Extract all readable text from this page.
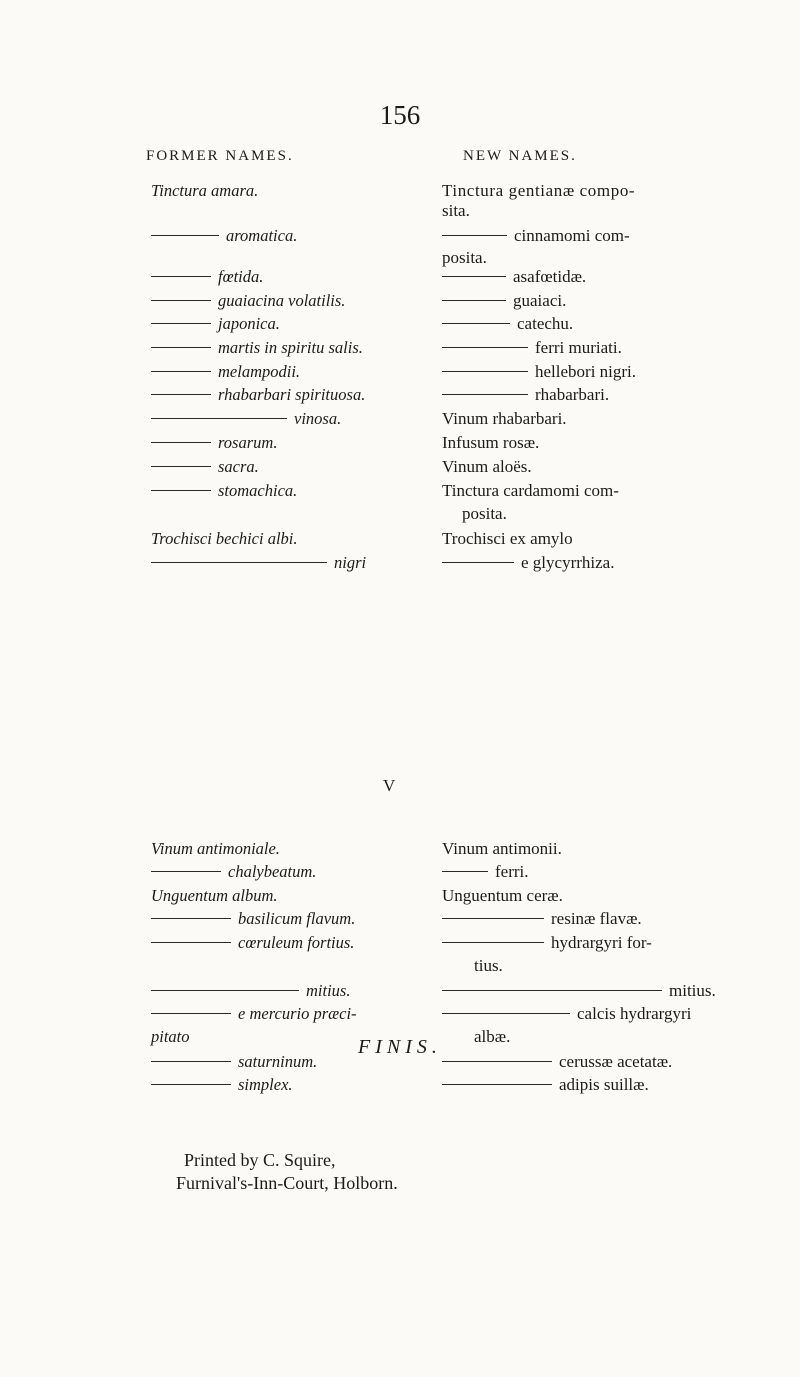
156
FORMER NAMES.	NEW NAMES.
Tinctura amara.
aromatica.
fœtida.
guaiacina volatilis.
japonica.
martis in spiritu salis.
melampodii.
rhabarbari spirituosa.
vinosa.
rosarum.
sacra.
stomachica.
Trochisci bechici albi.
nigri
Tinctura gentianæ compo-
sita.
cinnamomi com-
posita.
asafœtidæ.
guaiaci.
catechu.
ferri muriati.
hellebori nigri.
rhabarbari.
Vinum rhabarbari.
Infusum rosæ.
Vinum aloës.
Tinctura cardamomi com-
posita.
Trochisci ex amylo
e glycyrrhiza.
V
Vinum antimoniale.
chalybeatum.
Unguentum album.
basilicum flavum.
cœruleum fortius.
mitius.
e mercurio præci-
pitato
saturninum.
simplex.
Vinum antimonii.
ferri.
Unguentum ceræ.
resinæ flavæ.
hydrargyri for-
tius.
mitius.
calcis hydrargyri
albæ.
cerussæ acetatæ.
adipis suillæ.
FINIS.
Printed by C. Squire,
Furnival's-Inn-Court, Holborn.
